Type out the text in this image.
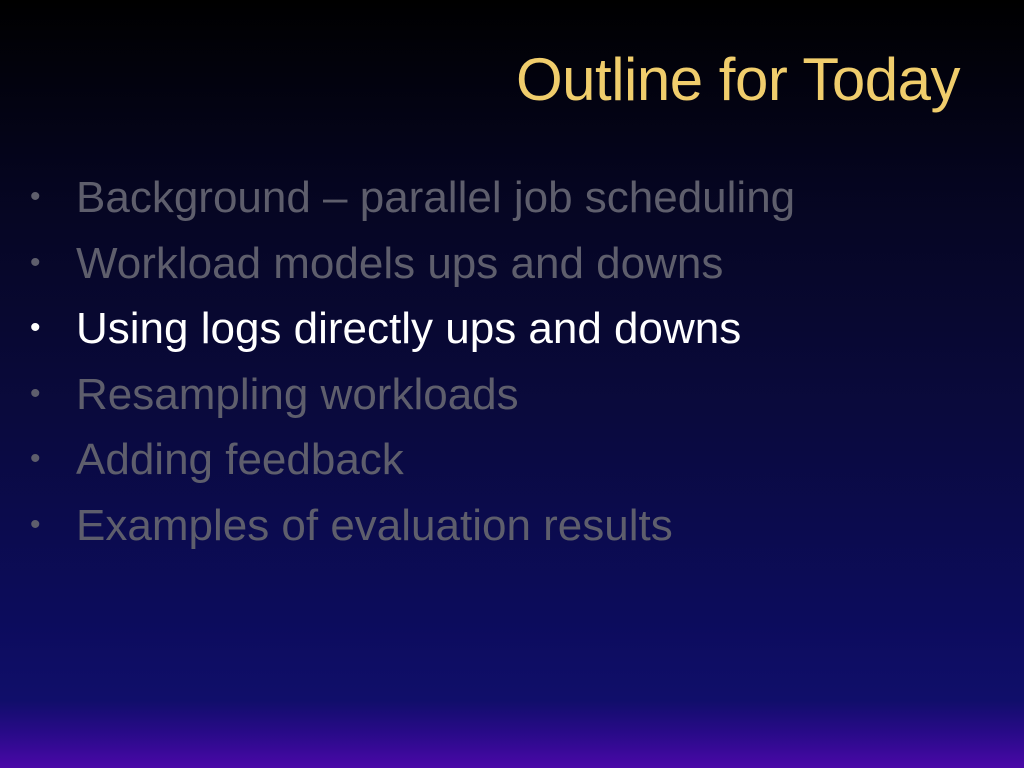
Outline for Today
• Background – parallel job scheduling
• Workload models ups and downs
• Using logs directly ups and downs
• Resampling workloads
• Adding feedback
• Examples of evaluation results
